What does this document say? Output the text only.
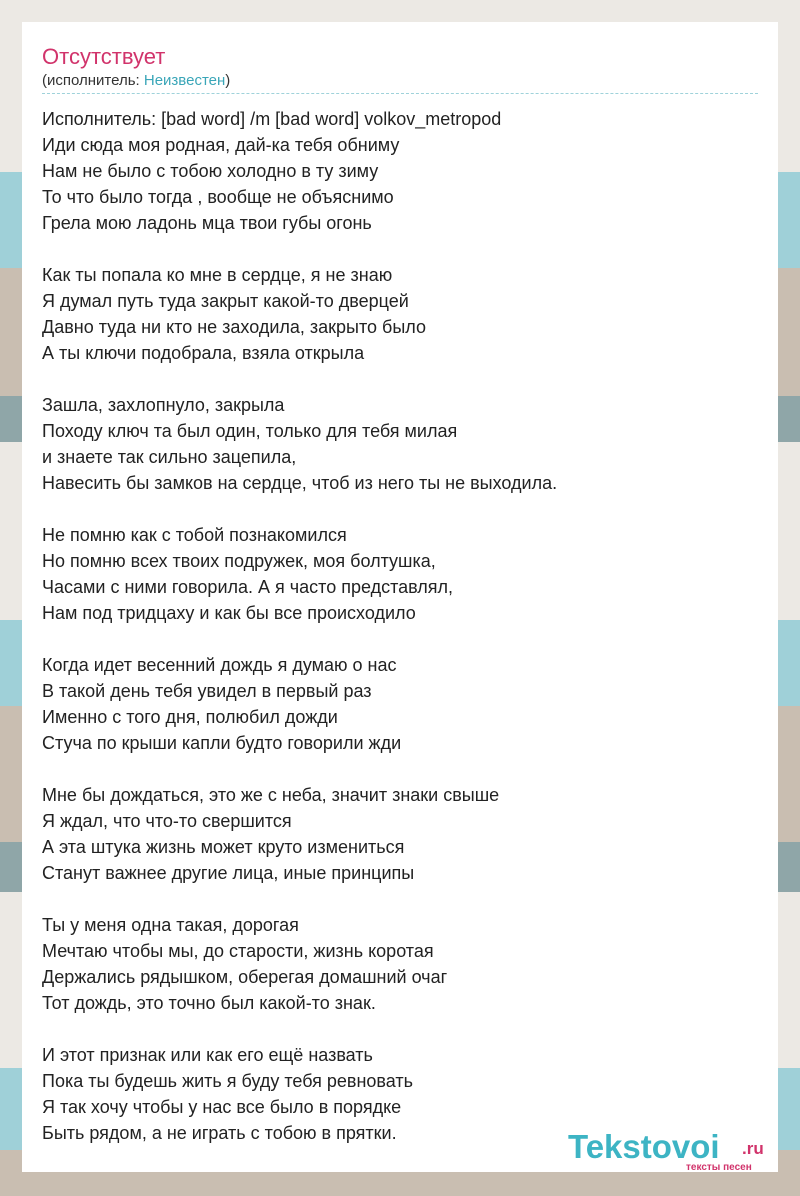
Отсутствует
(исполнитель: Неизвестен)
Исполнитель: [bad word] /m [bad word] volkov_metropod
Иди сюда моя родная, дай-ка тебя обниму
Нам не было с тобою холодно в ту зиму
То что было тогда , вообще не объяснимо
Грела мою ладонь мца твои губы огонь
Как ты попала ко мне в сердце, я не знаю
Я думал путь туда закрыт какой-то дверцей
Давно туда ни кто не заходила, закрыто было
А ты ключи подобрала, взяла открыла
Зашла, захлопнуло, закрыла
Походу ключ та был один, только для тебя милая
и знаете так сильно зацепила,
Навесить бы замков на сердце, чтоб из него ты не выходила.
Не помню как с тобой познакомился
Но помню всех твоих подружек, моя болтушка,
Часами с ними говорила. А я часто представлял,
Нам под тридцаху и как бы все происходило
Когда идет весенний дождь я думаю о нас
В такой день тебя увидел в первый раз
Именно с того дня, полюбил дожди
Стуча по крыши капли будто говорили жди
Мне бы дождаться, это же с неба, значит знаки свыше
Я ждал, что что-то свершится
А эта штука жизнь может круто измениться
Станут важнее другие лица, иные принципы
Ты у меня одна такая, дорогая
Мечтаю чтобы мы, до старости, жизнь коротая
Держались рядышком, оберегая домашний очаг
Тот дождь, это точно был какой-то знак.
И этот признак или как его ещё назвать
Пока ты будешь жить я буду тебя ревновать
Я так хочу чтобы у нас все было в порядке
Быть рядом, а не играть с тобою в прятки.	Tekstovoi .ru
тексты песен
